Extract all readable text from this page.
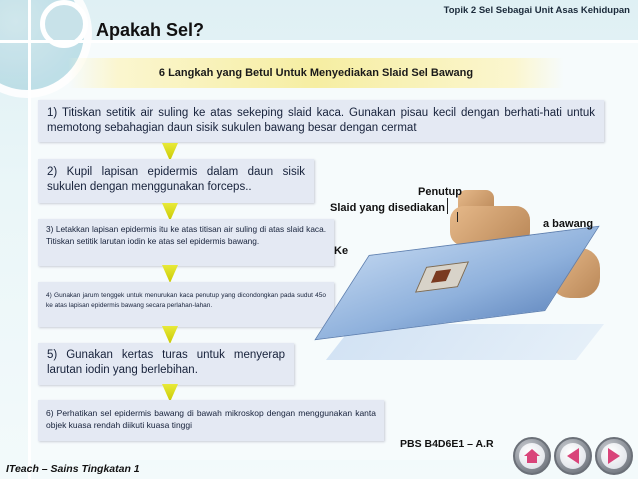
Topik 2 Sel Sebagai Unit Asas Kehidupan
Apakah Sel?
6 Langkah yang Betul Untuk Menyediakan Slaid Sel Bawang
1) Titiskan setitik air suling ke atas sekeping slaid kaca. Gunakan pisau kecil dengan berhati-hati untuk memotong sebahagian daun sisik sukulen bawang besar dengan cermat
2) Kupil lapisan epidermis dalam daun sisik sukulen dengan menggunakan forceps..
3) Letakkan lapisan epidermis itu ke atas titisan air suling di atas slaid kaca. Titiskan setitik larutan iodin ke atas sel epidermis bawang.
4) Gunakan jarum tenggek untuk menurukan kaca penutup yang dicondongkan pada sudut 45o ke atas lapisan epidermis bawang secara perlahan-lahan.
5) Gunakan kertas turas untuk menyerap larutan iodin yang berlebihan.
6) Perhatikan sel epidermis bawang di bawah mikroskop dengan menggunakan kanta objek kuasa rendah diikuti kuasa tinggi
Penutup
Slaid yang disediakan
a bawang
Ke
PBS B4D6E1 – A.R
ITeach – Sains Tingkatan 1
